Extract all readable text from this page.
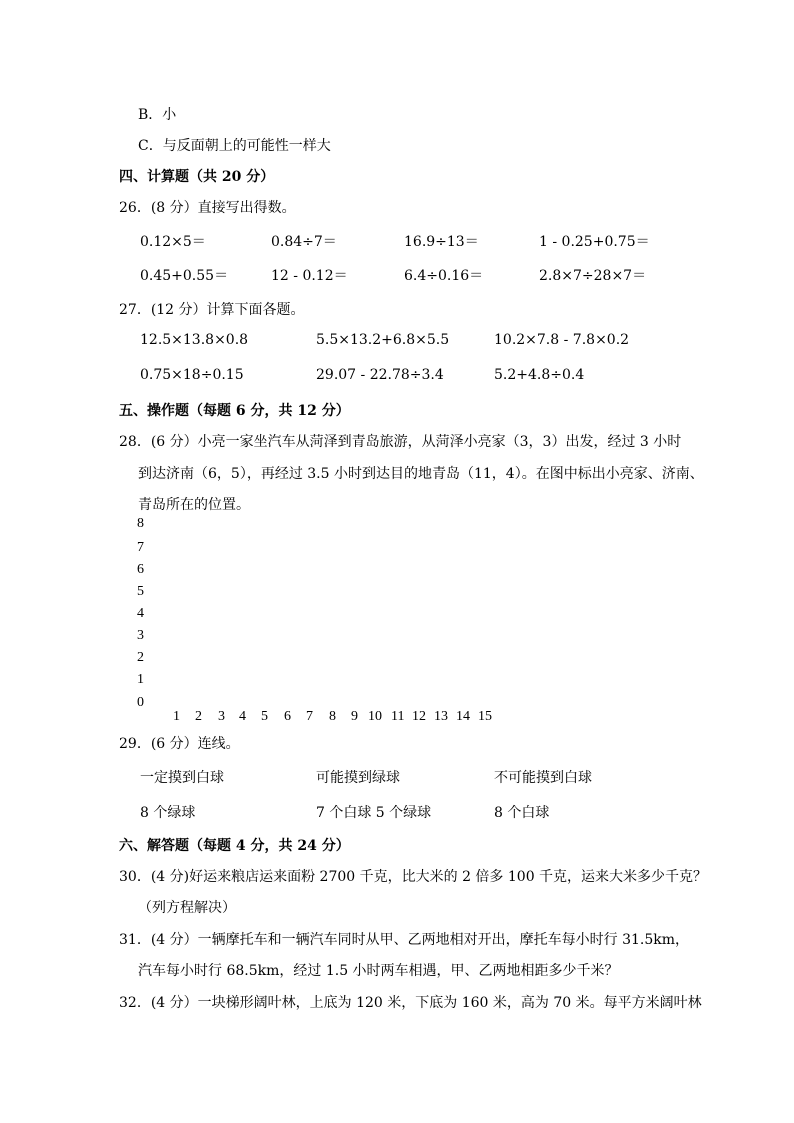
B．小
C．与反面朝上的可能性一样大
四、计算题（共 20 分）
26．(8 分）直接写出得数。
0.12×5＝	0.84÷7＝	16.9÷13＝	1 - 0.25+0.75＝
0.45+0.55＝	12 - 0.12＝	6.4÷0.16＝	2.8×7÷28×7＝
27．(12 分）计算下面各题。
12.5×13.8×0.8	5.5×13.2+6.8×5.5	10.2×7.8 - 7.8×0.2
0.75×18÷0.15	29.07 - 22.78÷3.4	5.2+4.8÷0.4
五、操作题（每题 6 分，共 12 分）
28．(6 分）小亮一家坐汽车从菏泽到青岛旅游，从菏泽小亮家（3，3）出发，经过 3 小时
到达济南（6，5），再经过 3.5 小时到达目的地青岛（11，4）。在图中标出小亮家、济南、
青岛所在的位置。
8
7
6
5
4
3
2
1
0
1 2 3 4 5 6 7 8 9 10 11 12 13 14 15
29．(6 分）连线。
一定摸到白球	可能摸到绿球	不可能摸到白球
8 个绿球	7 个白球 5 个绿球	8 个白球
六、解答题（每题 4 分，共 24 分）
30．(4 分)好运来粮店运来面粉 2700 千克，比大米的 2 倍多 100 千克，运来大米多少千克？
（列方程解决）
31．(4 分）一辆摩托车和一辆汽车同时从甲、乙两地相对开出，摩托车每小时行 31.5km，
汽车每小时行 68.5km，经过 1.5 小时两车相遇，甲、乙两地相距多少千米？
32．(4 分）一块梯形阔叶林，上底为 120 米，下底为 160 米，高为 70 米。每平方米阔叶林
